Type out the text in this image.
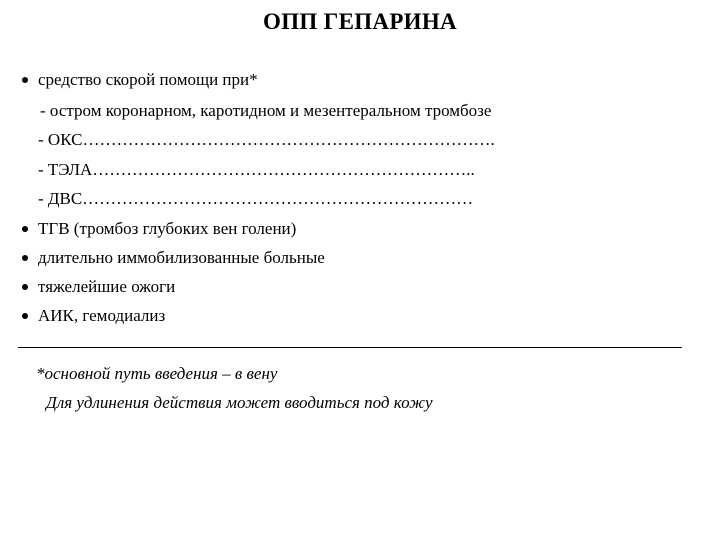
ОПП ГЕПАРИНА
средство скорой помощи при*
- остром коронарном, каротидном и мезентеральном тромбозе
- ОКС……………………………………………………………….
- ТЭЛА…………………………………………………………..
- ДВС……………………………………………………………
ТГВ (тромбоз глубоких вен голени)
длительно иммобилизованные больные
тяжелейшие ожоги
АИК, гемодиализ
*основной путь введения – в вену
Для удлинения действия может вводиться под кожу
